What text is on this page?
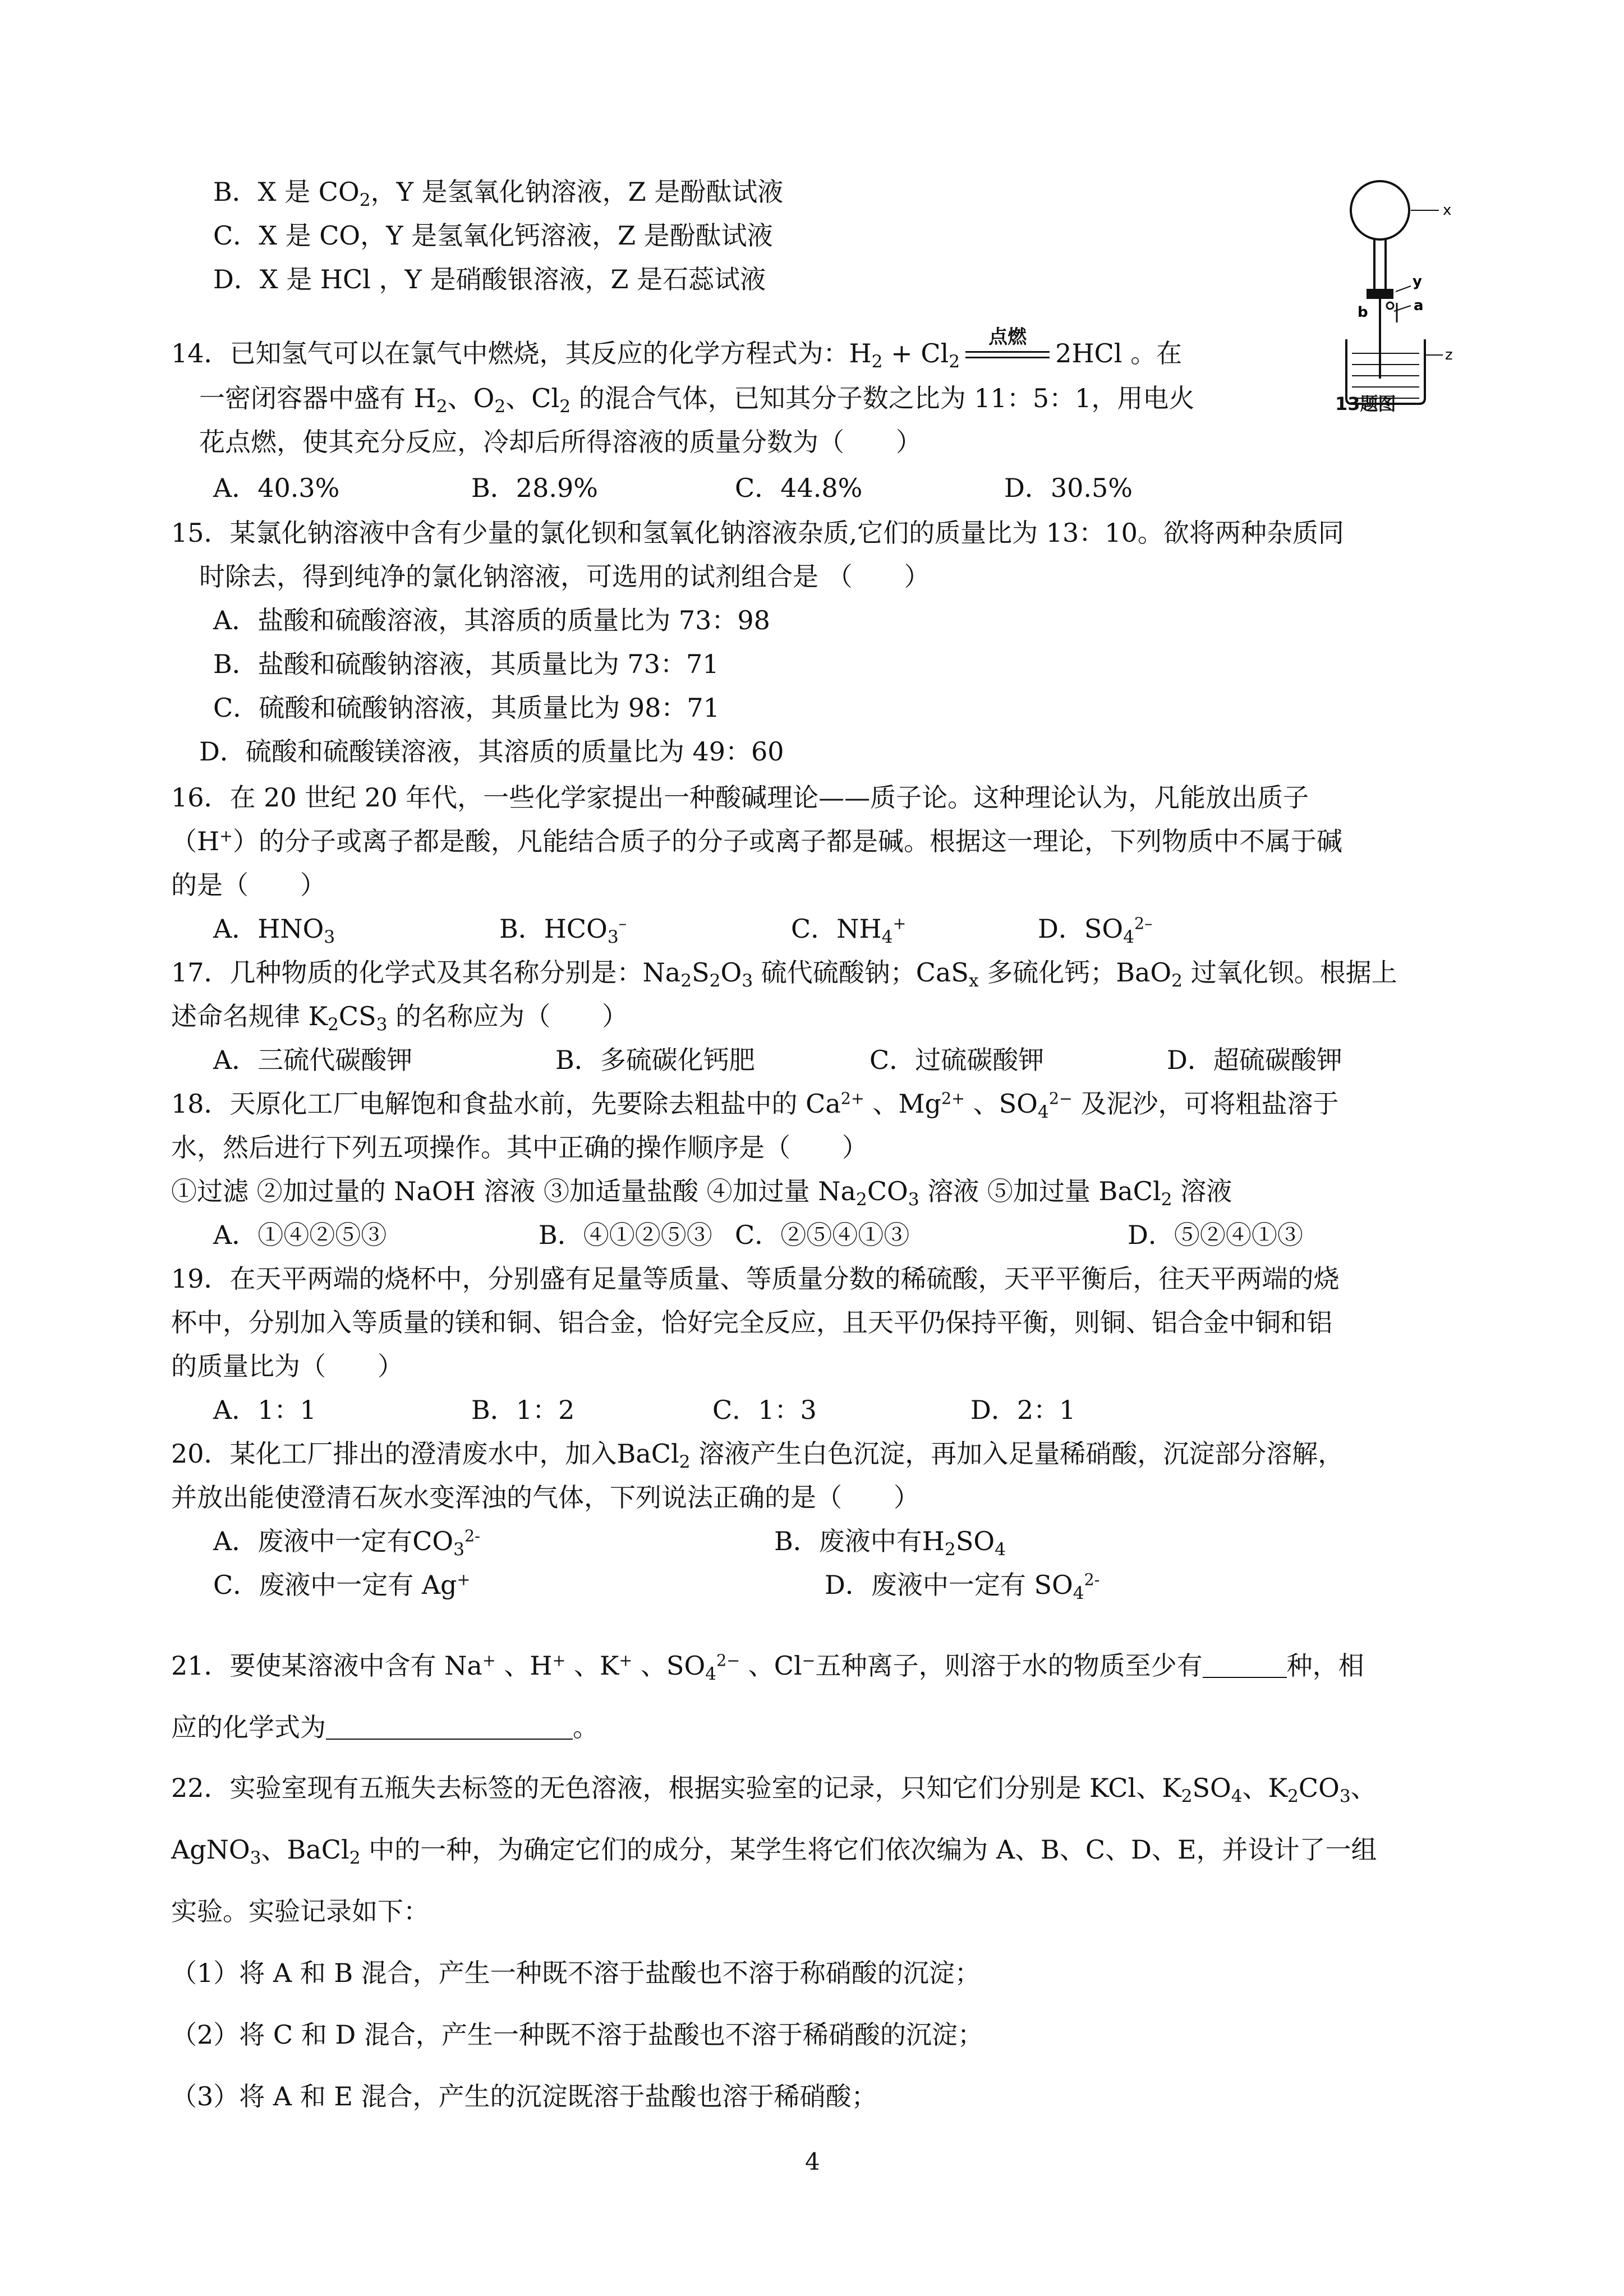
B．X 是 $CO_2$，Y 是氢氧化钠溶液，Z 是酚酞试液
C．X 是 CO，Y 是氢氧化钙溶液，Z 是酚酞试液
D．X 是 HCl ，Y 是硝酸银溶液，Z 是石蕊试液
x
y
a
b
z
13题图
14．已知氢气可以在氯气中燃烧，其反应的化学方程式为：$H_2 + Cl_2$
点燃
2HCl 。在
一密闭容器中盛有 $H_2$、$O_2$、$Cl_2$ 的混合气体，已知其分子数之比为 11：5：1，用电火
花点燃，使其充分反应，冷却后所得溶液的质量分数为（　　）
A．40.3%	B．28.9%	C．44.8%	D．30.5%
15．某氯化钠溶液中含有少量的氯化钡和氢氧化钠溶液杂质,它们的质量比为 13：10。欲将两种杂质同
时除去，得到纯净的氯化钠溶液，可选用的试剂组合是 （　　）
A．盐酸和硫酸溶液，其溶质的质量比为 73：98
B．盐酸和硫酸钠溶液，其质量比为 73：71
C．硫酸和硫酸钠溶液，其质量比为 98：71
D．硫酸和硫酸镁溶液，其溶质的质量比为 49：60
16．在 20 世纪 20 年代，一些化学家提出一种酸碱理论——质子论。这种理论认为，凡能放出质子
（H+）的分子或离子都是酸，凡能结合质子的分子或离子都是碱。根据这一理论，下列物质中不属于碱
的是（　　）
A．$HNO_3$	B．$HCO_3^-$	C．$NH_4^+$	D．$SO_4^{2-}$
17．几种物质的化学式及其名称分别是：$Na_2S_2O_3$ 硫代硫酸钠；CaS$_x$ 多硫化钙；BaO$_2$ 过氧化钡。根据上
述命名规律 $K_2CS_3$ 的名称应为（　　）
A．三硫代碳酸钾	B．多硫碳化钙肥	C．过硫碳酸钾	D．超硫碳酸钾
18．天原化工厂电解饱和食盐水前，先要除去粗盐中的 $Ca^{2+}$ 、$Mg^{2+}$ 、$SO_4^{2-}$ 及泥沙，可将粗盐溶于
水，然后进行下列五项操作。其中正确的操作顺序是（　　）
①过滤 ②加过量的 NaOH 溶液 ③加适量盐酸 ④加过量 $Na_2CO_3$ 溶液 ⑤加过量 BaCl$_2$ 溶液
A．①④②⑤③	B．④①②⑤③ C．②⑤④①③	D．⑤②④①③
19．在天平两端的烧杯中，分别盛有足量等质量、等质量分数的稀硫酸，天平平衡后，往天平两端的烧
杯中，分别加入等质量的镁和铜、铝合金，恰好完全反应，且天平仍保持平衡，则铜、铝合金中铜和铝
的质量比为（　　）
A．1：1	B．1：2	C．1：3	D．2：1
20．某化工厂排出的澄清废水中，加入BaCl$_2$ 溶液产生白色沉淀，再加入足量稀硝酸，沉淀部分溶解，
并放出能使澄清石灰水变浑浊的气体，下列说法正确的是（　　）
A．废液中一定有$CO_3^{2-}$	B．废液中有$H_2SO_4$
C．废液中一定有 Ag+	D．废液中一定有 $SO_4^{2-}$
21．要使某溶液中含有 Na+ 、H+ 、K+ 、$SO_4^{2-}$ 、Cl−五种离子，则溶于水的物质至少有	种，相
应的化学式为	。
22．实验室现有五瓶失去标签的无色溶液，根据实验室的记录，只知它们分别是 KCl、$K_2SO_4$、$K_2CO_3$、
AgNO$_3$、BaCl$_2$ 中的一种，为确定它们的成分，某学生将它们依次编为 A、B、C、D、E，并设计了一组
实验。实验记录如下：
（1）将 A 和 B 混合，产生一种既不溶于盐酸也不溶于称硝酸的沉淀；
（2）将 C 和 D 混合，产生一种既不溶于盐酸也不溶于稀硝酸的沉淀；
（3）将 A 和 E 混合，产生的沉淀既溶于盐酸也溶于稀硝酸；
4
